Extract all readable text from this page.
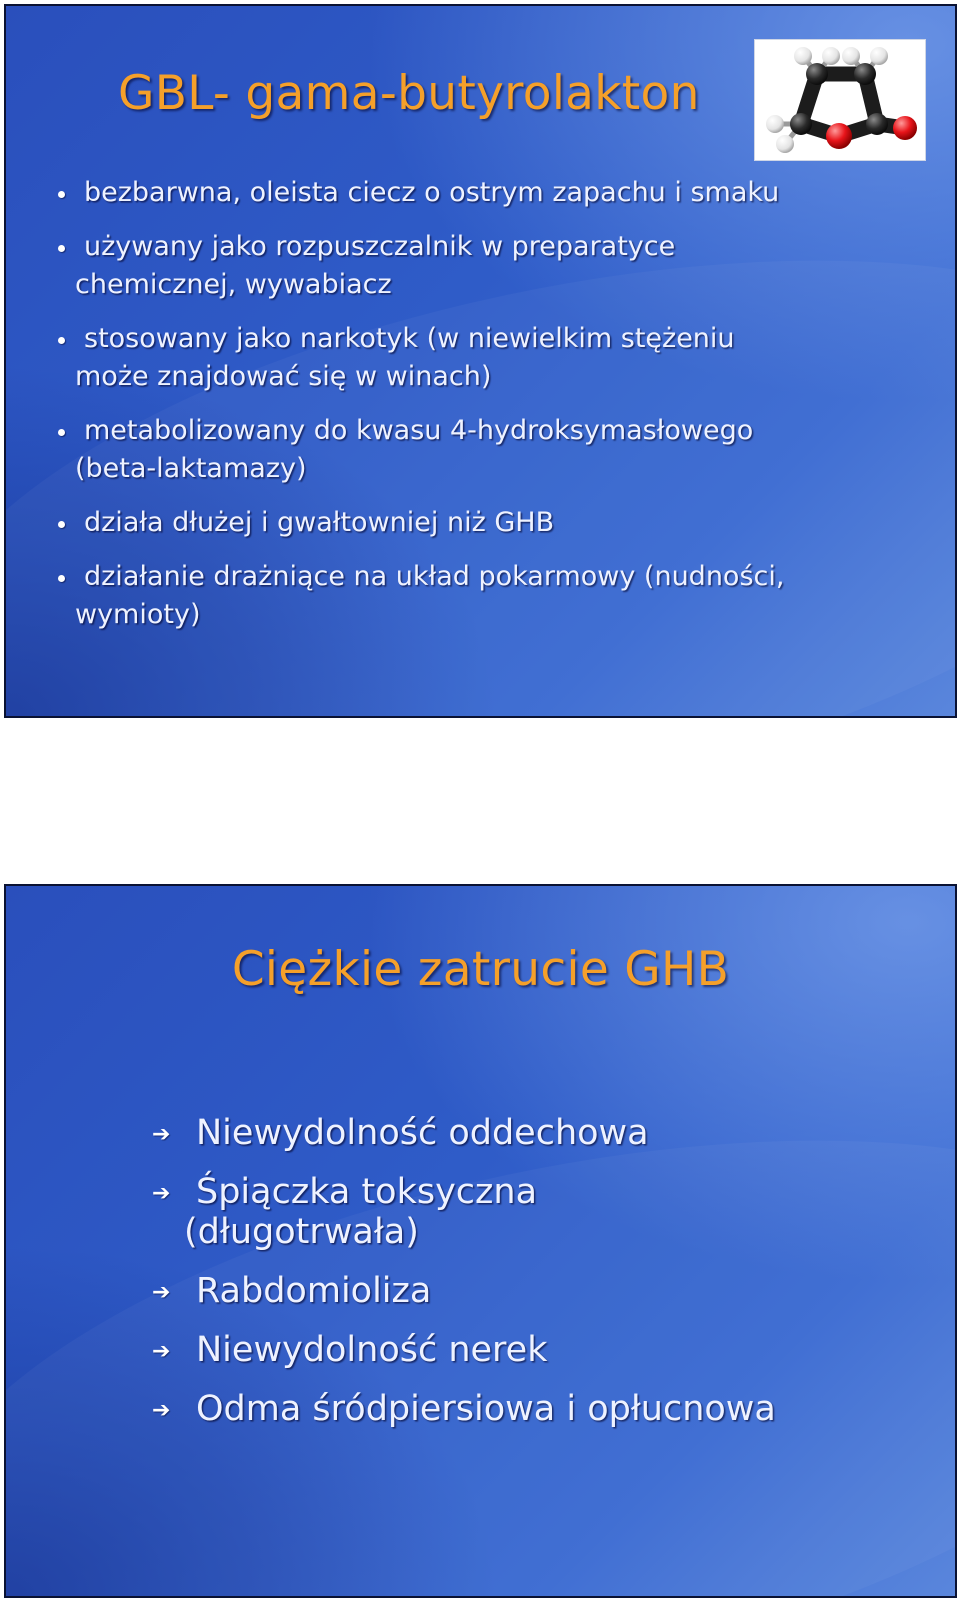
GBL- gama-butyrolakton
bezbarwna, oleista ciecz o ostrym zapachu i smaku
używany jako rozpuszczalnik w preparatyce
chemicznej, wywabiacz
stosowany jako narkotyk (w niewielkim stężeniu
może znajdować się w winach)
metabolizowany do kwasu 4-hydroksymasłowego
(beta-laktamazy)
działa dłużej i gwałtowniej niż GHB
działanie drażniące na układ pokarmowy (nudności,
wymioty)
Ciężkie zatrucie GHB
➔ Niewydolność oddechowa
➔ Śpiączka toksyczna
(długotrwała)
➔ Rabdomioliza
➔ Niewydolność nerek
➔ Odma śródpiersiowa i opłucnowa
